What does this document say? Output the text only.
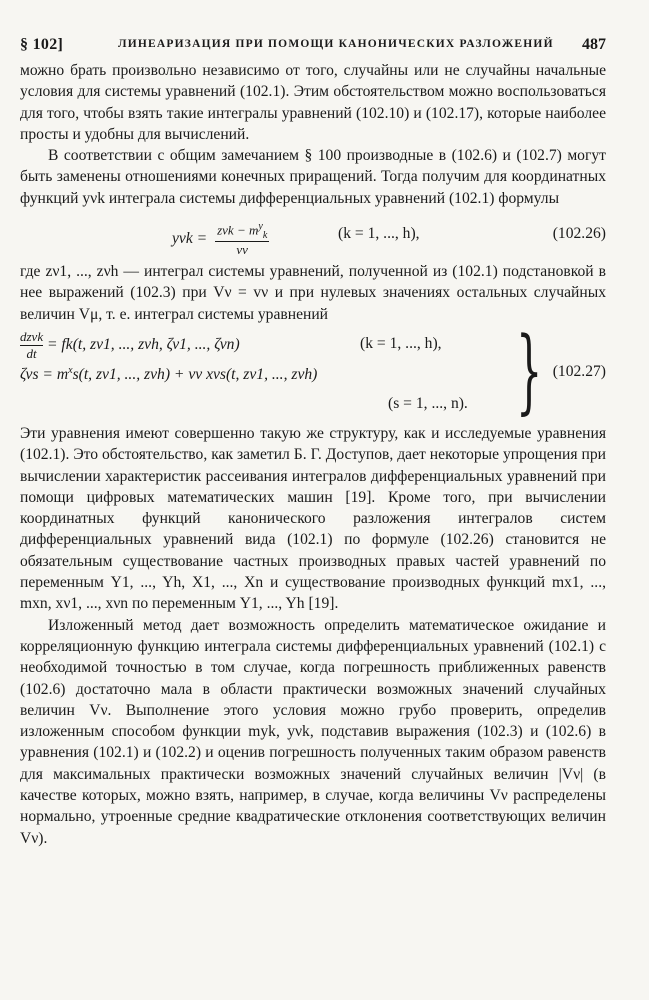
§ 102]	ЛИНЕАРИЗАЦИЯ ПРИ ПОМОЩИ КАНОНИЧЕСКИХ РАЗЛОЖЕНИЙ 487

можно брать произвольно независимо от того, случайны или не случайны начальные условия для системы уравнений (102.1). Этим обстоятельством можно воспользоваться для того, чтобы взять такие интегралы уравнений (102.10) и (102.17), которые наиболее просты и удобны для вычислений.

В соответствии с общим замечанием § 100 производные в (102.6) и (102.7) могут быть заменены отношениями конечных приращений. Тогда получим для координатных функций yνk интеграла системы дифференциальных уравнений (102.1) формулы

$y\nu k = \frac{z\nu k - m^y_k}{v\nu}$	(k = 1, ..., h),	(102.26)

где zν1, ..., zνh — интеграл системы уравнений, полученной из (102.1) подстановкой в нее выражений (102.3) при Vν = vν и при нулевых значениях остальных случайных величин Vμ, т. е. интеграл системы уравнений

dzνk
dt
= fk(t, zν1, ..., zνh, ζν1, ..., ζνn)	(k = 1, ..., h),
$\zeta\nu s = m^xs(t$, zν1, ..., zνh) + vν xνs(t, zν1, ..., zνh)
(s = 1, ..., n). } (102.27)

Эти уравнения имеют совершенно такую же структуру, как и исследуемые уравнения (102.1). Это обстоятельство, как заметил Б. Г. Доступов, дает некоторые упрощения при вычислении характеристик рассеивания интегралов дифференциальных уравнений при помощи цифровых математических машин [19]. Кроме того, при вычислении координатных функций канонического разложения интегралов систем дифференциальных уравнений вида (102.1) по формуле (102.26) становится не обязательным существование частных производных правых частей уравнений по переменным Y1, ..., Yh, X1, ..., Xn и существование производных функций mx1, ..., mxn, xν1, ..., xνn по переменным Y1, ..., Yh [19].

Изложенный метод дает возможность определить математическое ожидание и корреляционную функцию интеграла системы дифференциальных уравнений (102.1) с необходимой точностью в том случае, когда погрешность приближенных равенств (102.6) достаточно мала в области практически возможных значений случайных величин Vν. Выполнение этого условия можно грубо проверить, определив изложенным способом функции myk, yνk, подставив выражения (102.3) и (102.6) в уравнения (102.1) и (102.2) и оценив погрешность полученных таким образом равенств для максимальных практически возможных значений случайных величин |Vν| (в качестве которых, можно взять, например, в случае, когда величины Vν распределены нормально, утроенные средние квадратические отклонения соответствующих величин Vν).
